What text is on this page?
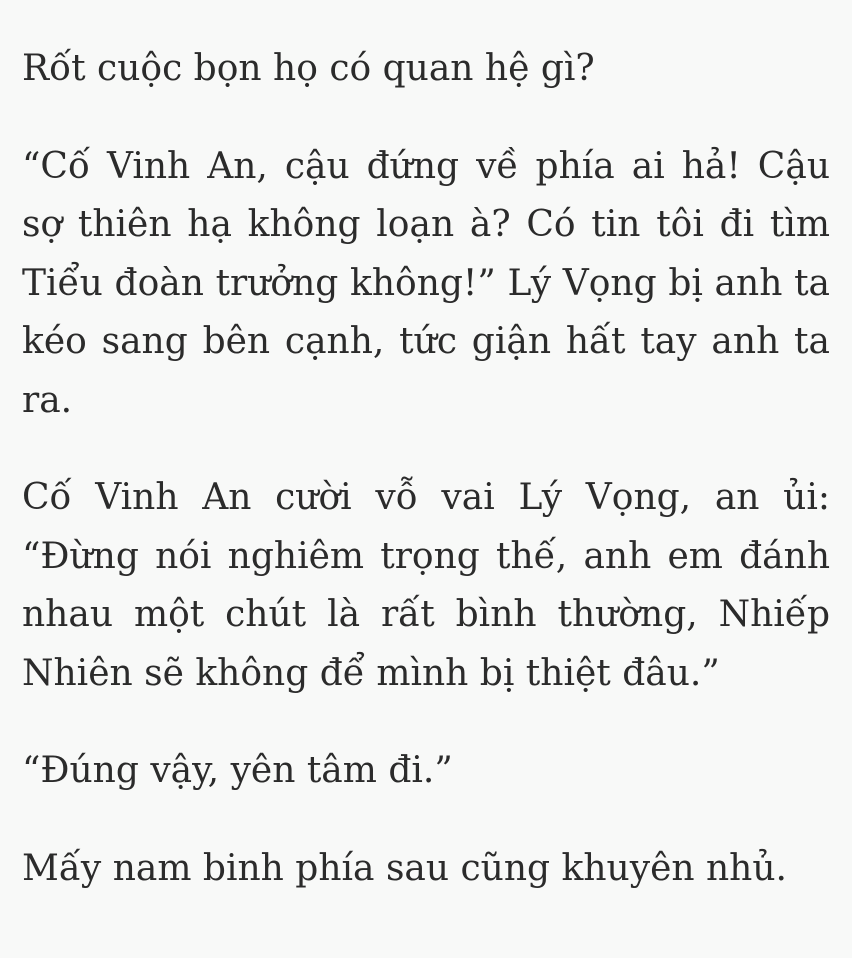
Rốt cuộc bọn họ có quan hệ gì?

“Cố Vinh An, cậu đứng về phía ai hả! Cậu sợ thiên hạ không loạn à? Có tin tôi đi tìm Tiểu đoàn trưởng không!” Lý Vọng bị anh ta kéo sang bên cạnh, tức giận hất tay anh ta ra.

Cố Vinh An cười vỗ vai Lý Vọng, an ủi: “Đừng nói nghiêm trọng thế, anh em đánh nhau một chút là rất bình thường, Nhiếp Nhiên sẽ không để mình bị thiệt đâu.”

“Đúng vậy, yên tâm đi.”

Mấy nam binh phía sau cũng khuyên nhủ.
